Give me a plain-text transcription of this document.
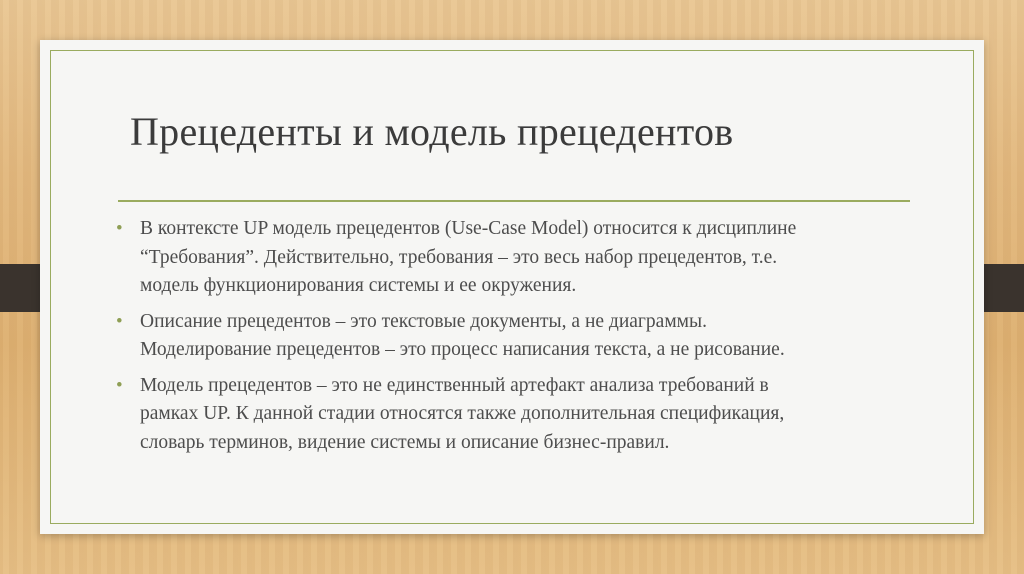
Прецеденты и модель прецедентов
• В контексте UP модель прецедентов (Use-Case Model) относится к дисциплине
“Требования”. Действительно, требования – это весь набор прецедентов, т.е.
модель функционирования системы и ее окружения.
• Описание прецедентов – это текстовые документы, а не диаграммы.
Моделирование прецедентов – это процесс написания текста, а не рисование.
• Модель прецедентов – это не единственный артефакт анализа требований в
рамках UP. К данной стадии относятся также дополнительная спецификация,
словарь терминов, видение системы и описание бизнес-правил.
